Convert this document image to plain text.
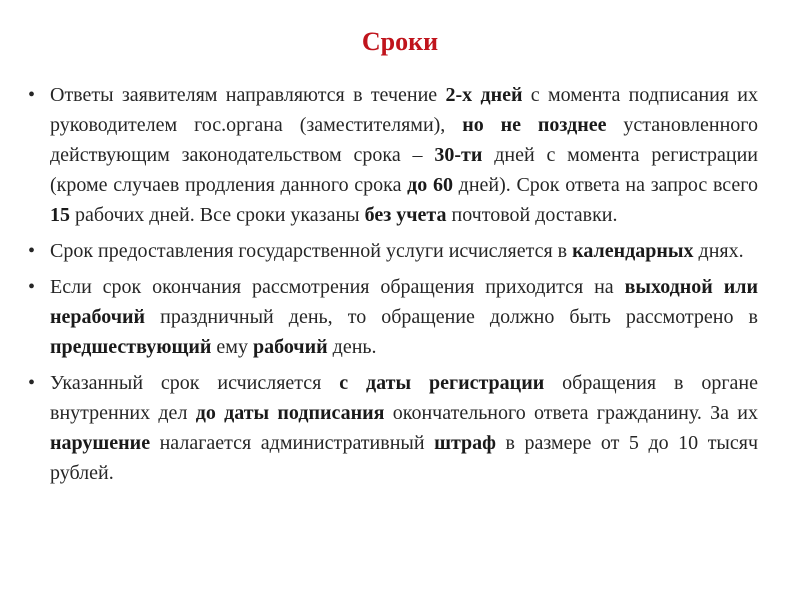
Сроки
• Ответы заявителям направляются в течение 2-х дней с момента подписания их руководителем гос.органа (заместителями), но не позднее установленного действующим законодательством срока – 30-ти дней с момента регистрации (кроме случаев продления данного срока до 60 дней). Срок ответа на запрос всего 15 рабочих дней. Все сроки указаны без учета почтовой доставки.
• Срок предоставления государственной услуги исчисляется в календарных днях.
• Если срок окончания рассмотрения обращения приходится на выходной или нерабочий праздничный день, то обращение должно быть рассмотрено в предшествующий ему рабочий день.
• Указанный срок исчисляется с даты регистрации обращения в органе внутренних дел до даты подписания окончательного ответа гражданину. За их нарушение налагается административный штраф в размере от 5 до 10 тысяч рублей.
